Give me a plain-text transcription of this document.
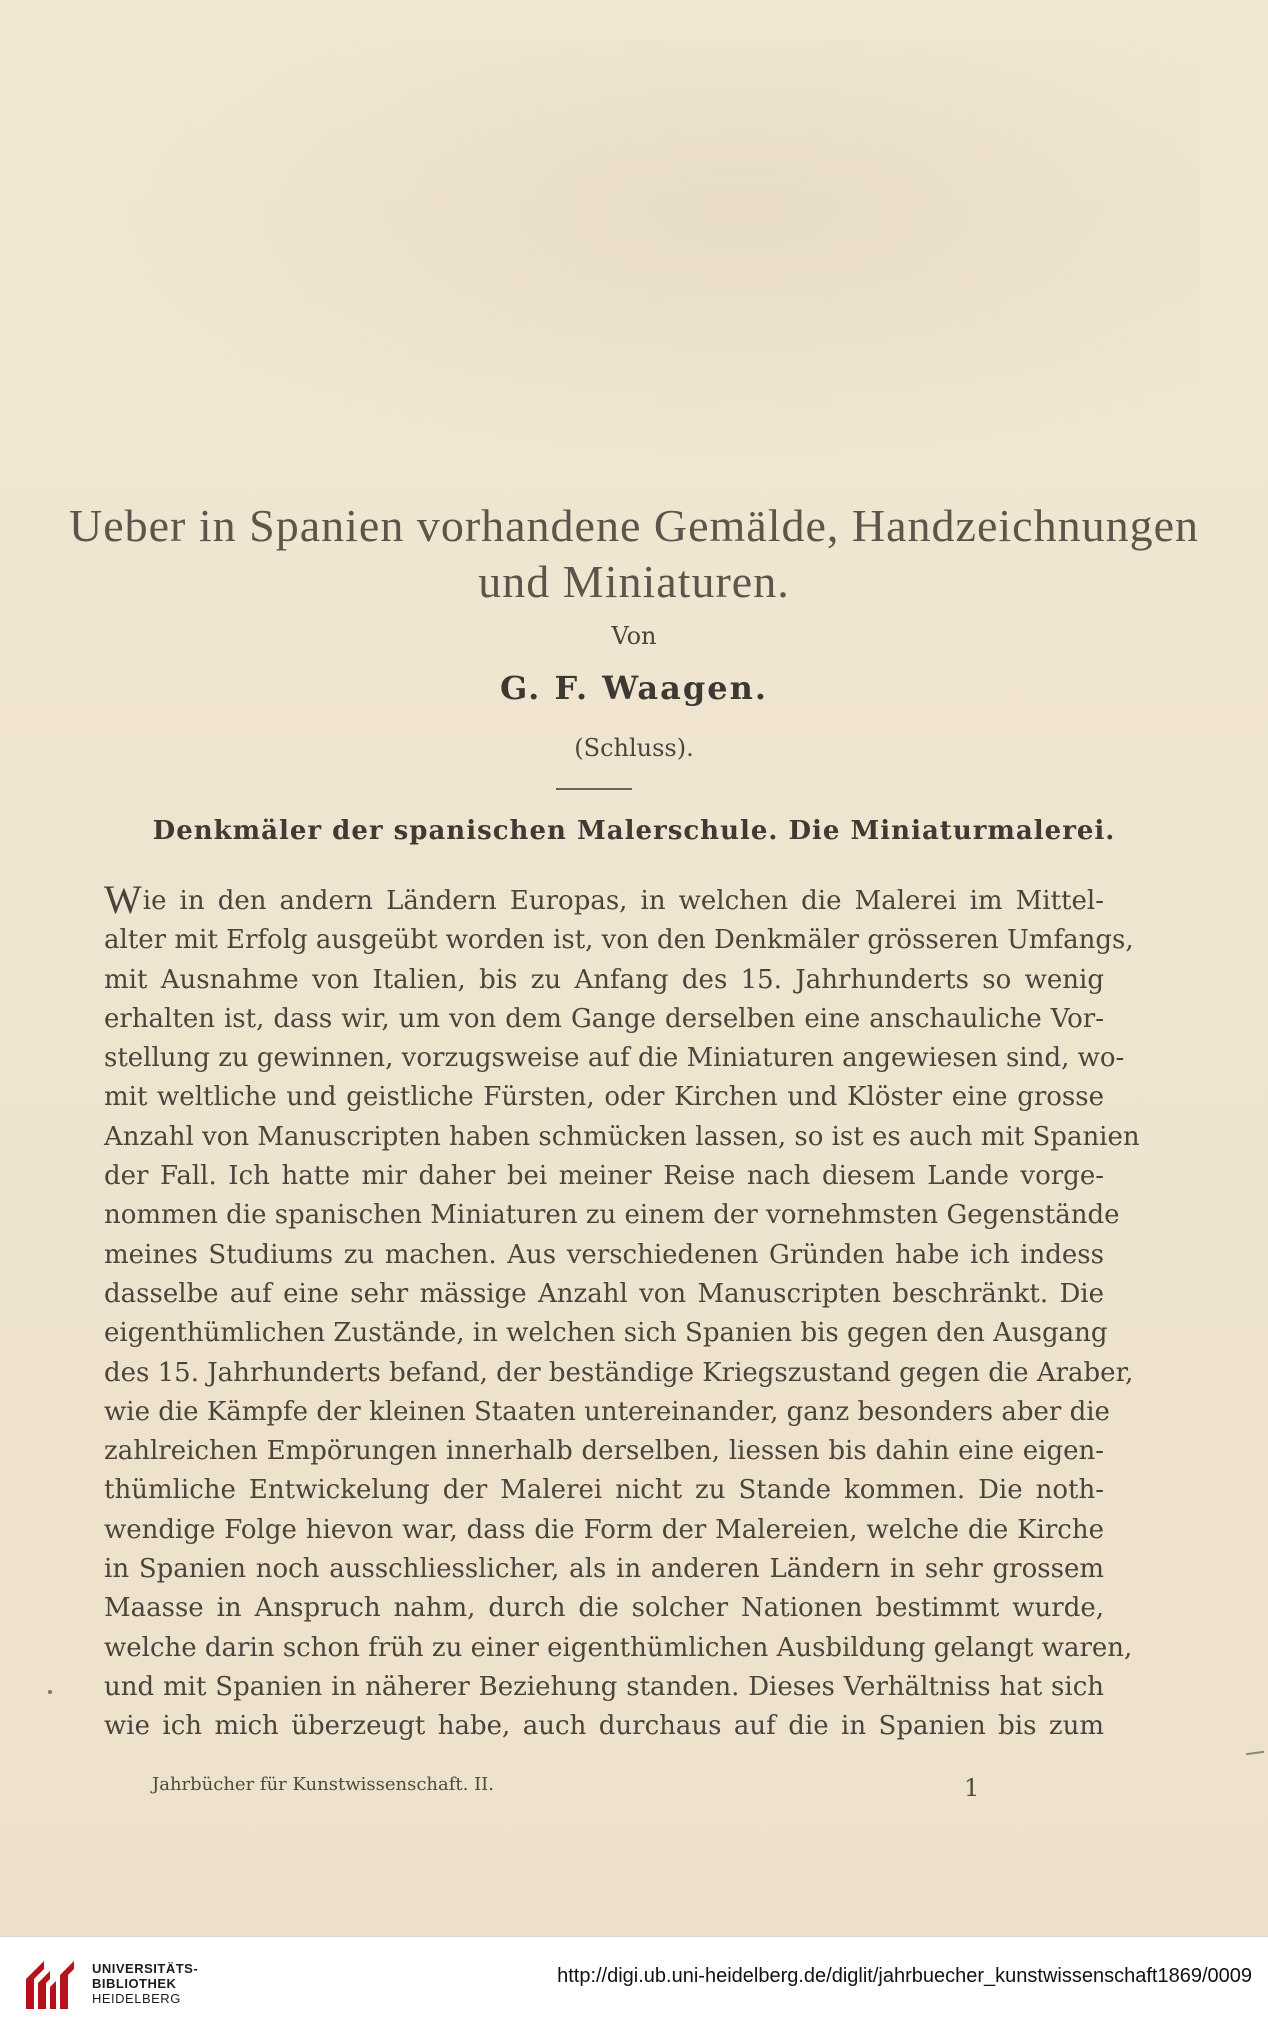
Ueber in Spanien vorhandene Gemälde, Handzeichnungen
und Miniaturen.
Von
G. F. Waagen.
(Schluss).
Denkmäler der spanischen Malerschule. Die Miniaturmalerei.
Wie in den andern Ländern Europas, in welchen die Malerei im Mittel-
alter mit Erfolg ausgeübt worden ist, von den Denkmäler grösseren Umfangs,
mit Ausnahme von Italien, bis zu Anfang des 15. Jahrhunderts so wenig
erhalten ist, dass wir, um von dem Gange derselben eine anschauliche Vor-
stellung zu gewinnen, vorzugsweise auf die Miniaturen angewiesen sind, wo-
mit weltliche und geistliche Fürsten, oder Kirchen und Klöster eine grosse
Anzahl von Manuscripten haben schmücken lassen, so ist es auch mit Spanien
der Fall. Ich hatte mir daher bei meiner Reise nach diesem Lande vorge-
nommen die spanischen Miniaturen zu einem der vornehmsten Gegenstände
meines Studiums zu machen. Aus verschiedenen Gründen habe ich indess
dasselbe auf eine sehr mässige Anzahl von Manuscripten beschränkt. Die
eigenthümlichen Zustände, in welchen sich Spanien bis gegen den Ausgang
des 15. Jahrhunderts befand, der beständige Kriegszustand gegen die Araber,
wie die Kämpfe der kleinen Staaten untereinander, ganz besonders aber die
zahlreichen Empörungen innerhalb derselben, liessen bis dahin eine eigen-
thümliche Entwickelung der Malerei nicht zu Stande kommen. Die noth-
wendige Folge hievon war, dass die Form der Malereien, welche die Kirche
in Spanien noch ausschliesslicher, als in anderen Ländern in sehr grossem
Maasse in Anspruch nahm, durch die solcher Nationen bestimmt wurde,
welche darin schon früh zu einer eigenthümlichen Ausbildung gelangt waren,
und mit Spanien in näherer Beziehung standen. Dieses Verhältniss hat sich
wie ich mich überzeugt habe, auch durchaus auf die in Spanien bis zum
Jahrbücher für Kunstwissenschaft. II.	1
UNIVERSITÄTS-
BIBLIOTHEK
HEIDELBERG
http://digi.ub.uni-heidelberg.de/diglit/jahrbuecher_kunstwissenschaft1869/0009
